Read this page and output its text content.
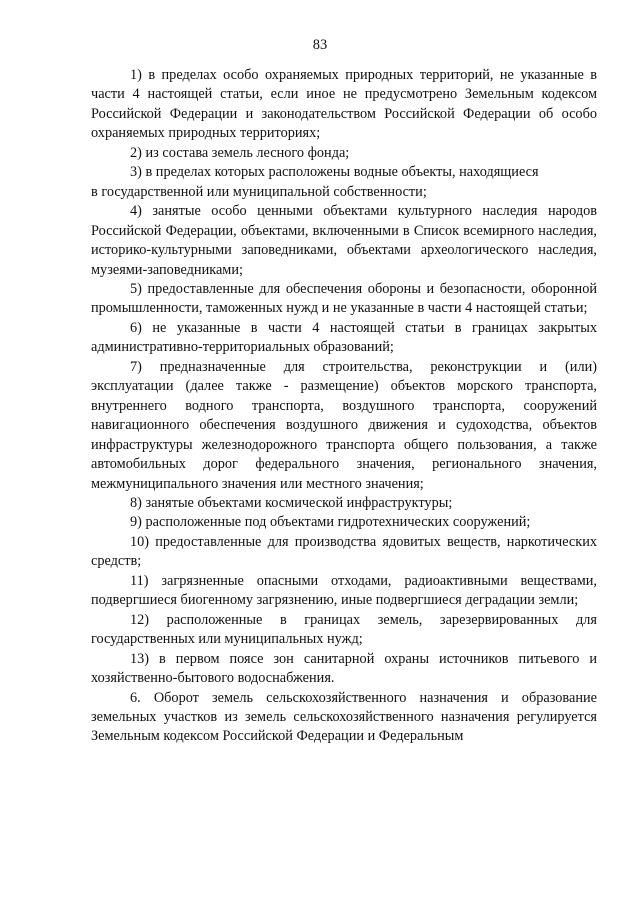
83

1) в пределах особо охраняемых природных территорий, не указанные в части 4 настоящей статьи, если иное не предусмотрено Земельным кодексом Российской Федерации и законодательством Российской Федерации об особо охраняемых природных территориях;

2) из состава земель лесного фонда;

3) в пределах которых расположены водные объекты, находящиеся
в государственной или муниципальной собственности;

4) занятые особо ценными объектами культурного наследия народов Российской Федерации, объектами, включенными в Список всемирного наследия, историко-культурными заповедниками, объектами археологического наследия, музеями-заповедниками;

5) предоставленные для обеспечения обороны и безопасности, оборонной промышленности, таможенных нужд и не указанные в части 4 настоящей статьи;

6) не указанные в части 4 настоящей статьи в границах закрытых административно-территориальных образований;

7) предназначенные для строительства, реконструкции и (или) эксплуатации (далее также - размещение) объектов морского транспорта, внутреннего водного транспорта, воздушного транспорта, сооружений навигационного обеспечения воздушного движения и судоходства, объектов инфраструктуры железнодорожного транспорта общего пользования, а также автомобильных дорог федерального значения, регионального значения, межмуниципального значения или местного значения;

8) занятые объектами космической инфраструктуры;

9) расположенные под объектами гидротехнических сооружений;

10) предоставленные для производства ядовитых веществ, наркотических средств;

11) загрязненные опасными отходами, радиоактивными веществами, подвергшиеся биогенному загрязнению, иные подвергшиеся деградации земли;

12) расположенные в границах земель, зарезервированных для государственных или муниципальных нужд;

13) в первом поясе зон санитарной охраны источников питьевого и хозяйственно-бытового водоснабжения.

6. Оборот земель сельскохозяйственного назначения и образование земельных участков из земель сельскохозяйственного назначения регулируется Земельным кодексом Российской Федерации и Федеральным
